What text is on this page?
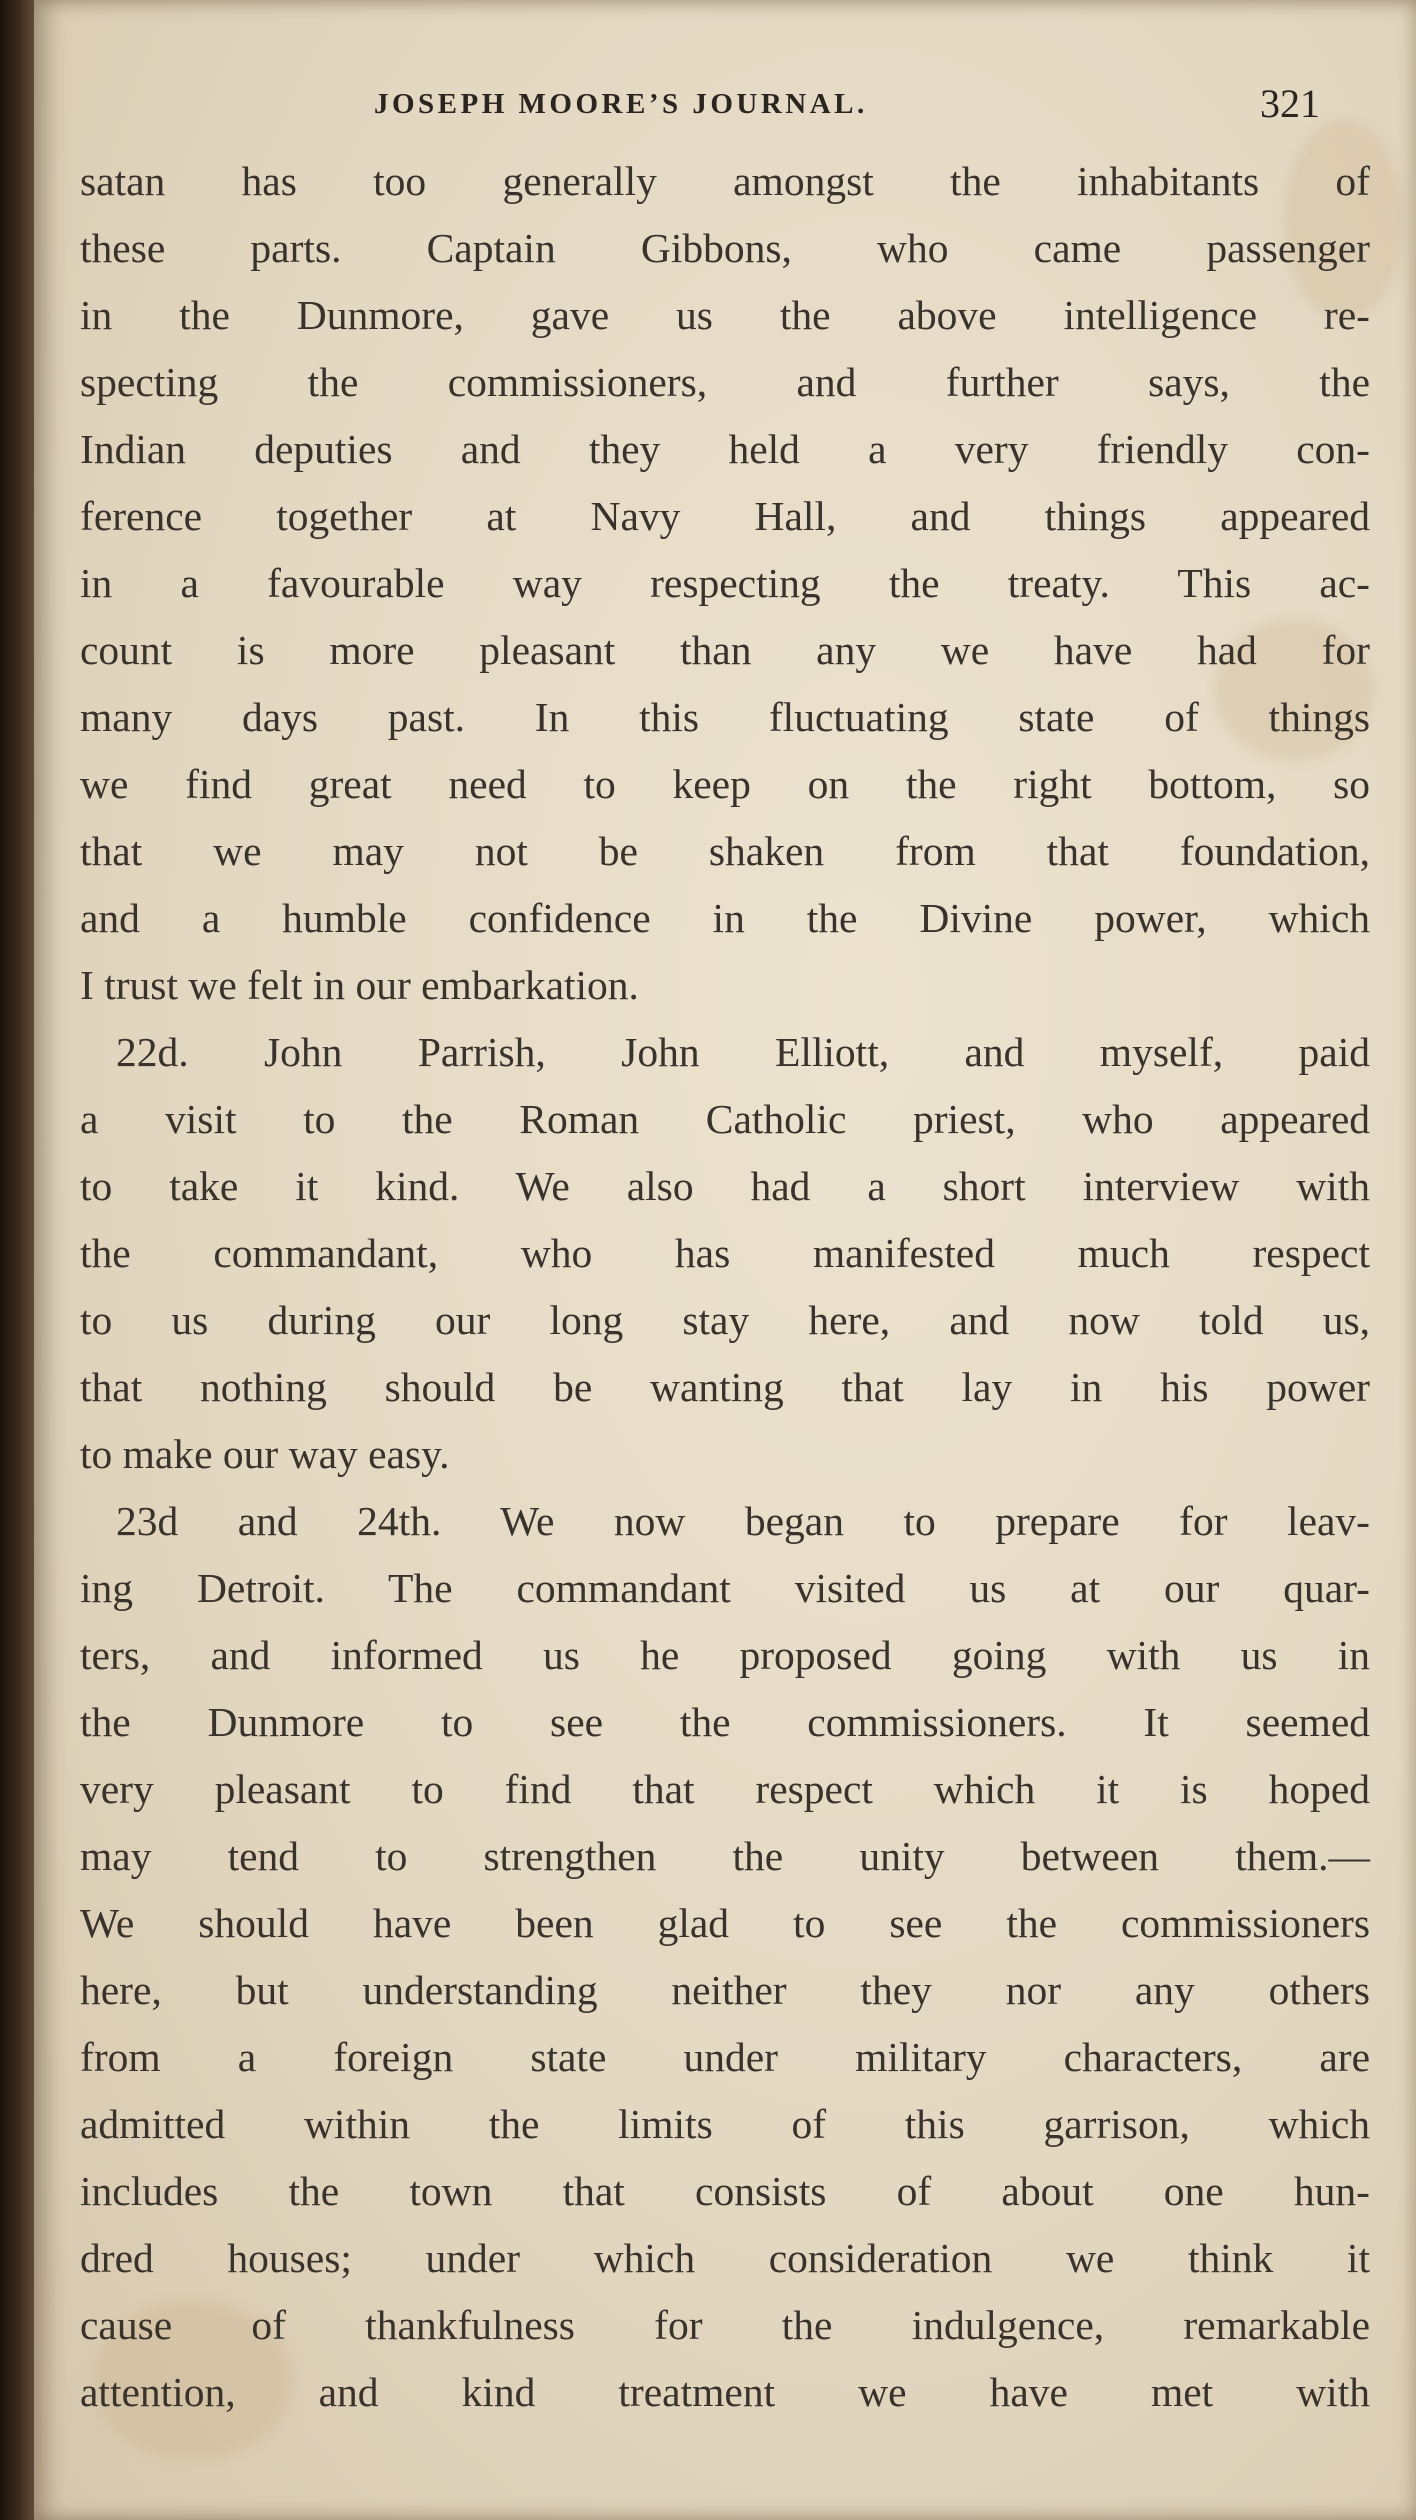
JOSEPH MOORE’S JOURNAL.	321
satan has too generally amongst the inhabitants of
these parts. Captain Gibbons, who came passenger
in the Dunmore, gave us the above intelligence re-
specting the commissioners, and further says, the
Indian deputies and they held a very friendly con-
ference together at Navy Hall, and things appeared
in a favourable way respecting the treaty. This ac-
count is more pleasant than any we have had for
many days past. In this fluctuating state of things
we find great need to keep on the right bottom, so
that we may not be shaken from that foundation,
and a humble confidence in the Divine power, which
I trust we felt in our embarkation.
22d. John Parrish, John Elliott, and myself, paid
a visit to the Roman Catholic priest, who appeared
to take it kind. We also had a short interview with
the commandant, who has manifested much respect
to us during our long stay here, and now told us,
that nothing should be wanting that lay in his power
to make our way easy.
23d and 24th. We now began to prepare for leav-
ing Detroit. The commandant visited us at our quar-
ters, and informed us he proposed going with us in
the Dunmore to see the commissioners. It seemed
very pleasant to find that respect which it is hoped
may tend to strengthen the unity between them.—
We should have been glad to see the commissioners
here, but understanding neither they nor any others
from a foreign state under military characters, are
admitted within the limits of this garrison, which
includes the town that consists of about one hun-
dred houses; under which consideration we think it
cause of thankfulness for the indulgence, remarkable
attention, and kind treatment we have met with
